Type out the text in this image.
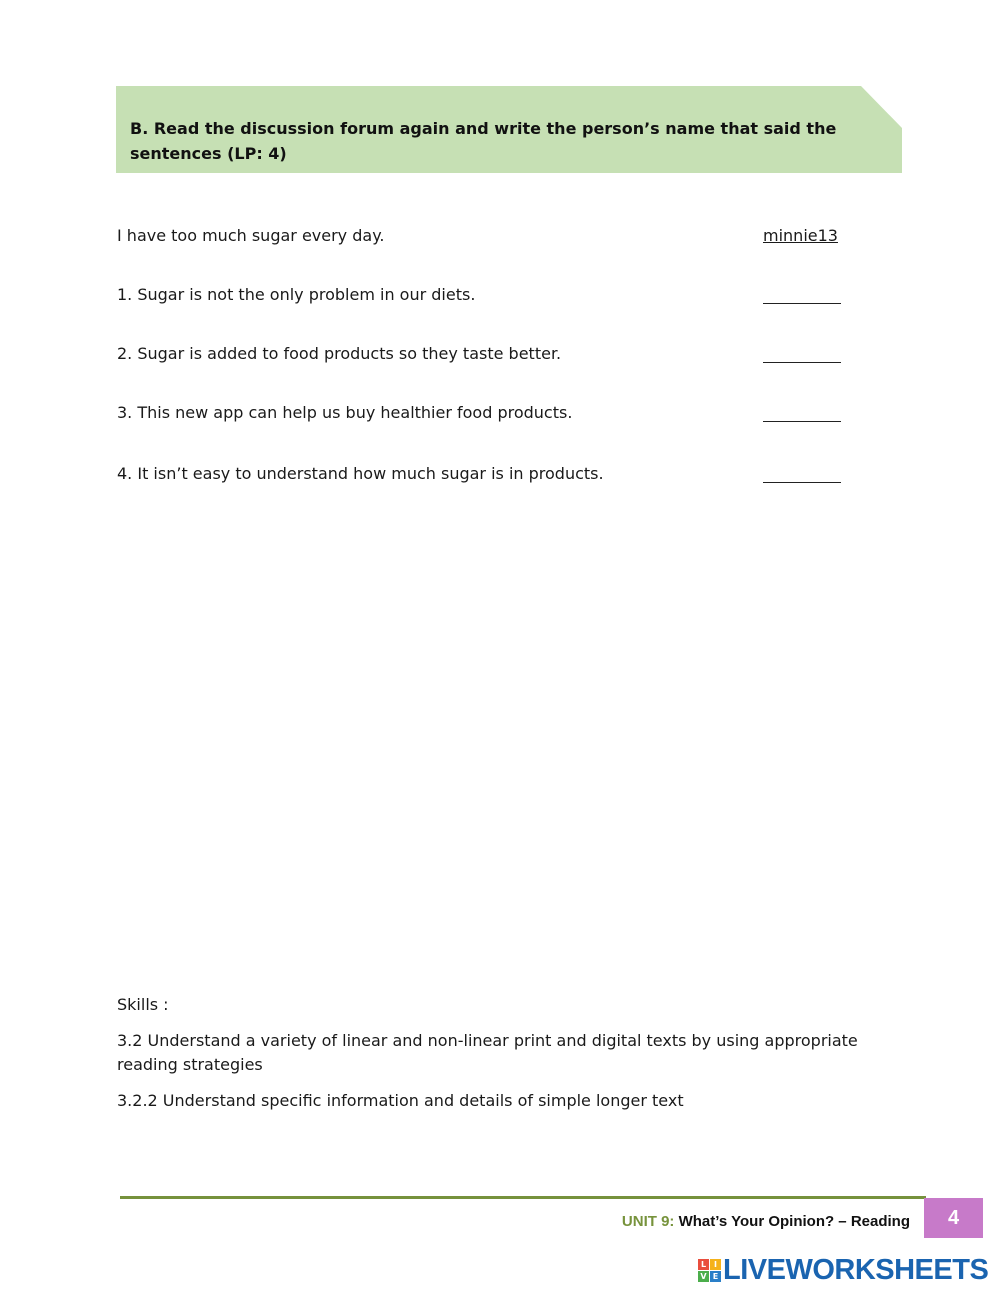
B. Read the discussion forum again and write the person’s name that said the sentences (LP: 4)
I have too much sugar every day.	minnie13
1. Sugar is not the only problem in our diets.
2. Sugar is added to food products so they taste better.
3. This new app can help us buy healthier food products.
4. It isn’t easy to understand how much sugar is in products.
Skills :
3.2 Understand a variety of linear and non-linear print and digital texts by using appropriate reading strategies
3.2.2 Understand specific information and details of simple longer text
UNIT 9: What’s Your Opinion? – Reading	4
L I
V E LIVEWORKSHEETS
